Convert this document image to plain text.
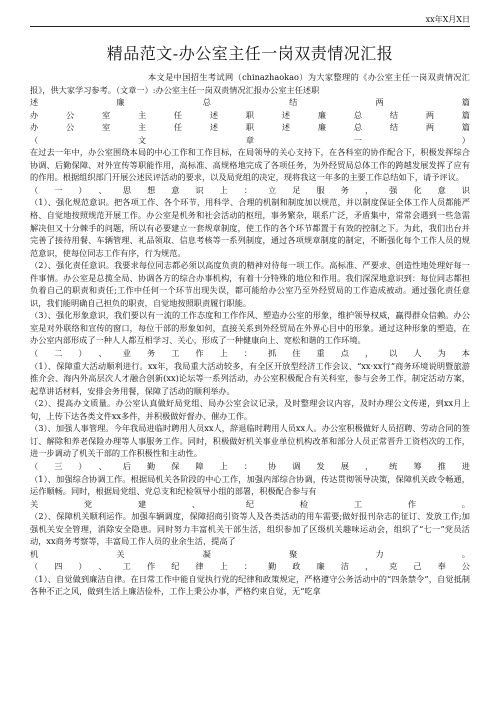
xx年X月X日
精品范文-办公室主任一岗双责情况汇报

本文是中国招生考试网（chinazhaokao）为大家整理的《办公室主任一岗双责情况汇报》，供大家学习参考。（文章一）:办公室主任一岗双责情况汇报办公室主任述职

述廉总结两篇

办公室主任述职述廉总结两篇

办公室主任述职述廉总结两篇

（文章一）

在过去一年中，办公室围绕本局的中心工作和工作目标，在局领导的关心支持下，在各科室的协作配合下，积极发挥综合协调、后勤保障、对外宣传等职能作用，高标准、高规格地完成了各项任务，为外经贸局总体工作的跨越发展发挥了应有的作用。根据组织部门开展公述民评活动的要求，以及局党组的决定，现将我这一年多的主要工作总结如下，请予评议。

（一）、思想意识上：立足服务，强化意识

（1）、强化规范意识。把各项工作、各个环节，用科学、合理的机制和制度加以规范，并以制度保证全体工作人员都能严格、自觉地按照规范开展工作。办公室是机务和社会活动的枢纽，事务繁杂，联系广泛，矛盾集中，常常会遇到一些急需解决但又十分棘手的问题，所以有必要建立一套规章制度，使工作的各个环节都置于有效的控制之下。为此，我们出台并完善了接待用餐、车辆管理、礼品领取、信息考核等一系列制度，通过各项规章制度的制定，不断强化每个工作人员的规范意识，使每位同志工作有序，行为规范。

（2）、强化责任意识。我要求每位同志都必须以高度负责的精神对待每一项工作。高标准、严要求、创造性地处理好每一件事情。办公室是总揽全局、协调各方的综合办事机构，有着十分特殊的地位和作用。我们深深地意识到：每位同志都担负着自己的职责和责任;工作中任何一个环节出现失误，都可能给办公室乃至外经贸局的工作造成被动。通过强化责任意识，我们能明确自己担负的职责，自觉地按照职责履行职能。

（3）、强化形象意识，我们要以有一流的工作态度和工作作风、塑造办公室的形象，维护领导权威，赢得群众信赖。办公室是对外联络和宣传的窗口，每位干部的形象如何，直接关系到外经贸局在外界心目中的形象。通过这种形象的塑造，在办公室内部形成了一种人人都互相学习、关心，形成了一种健康向上、宽松和谐的工作环境。

（二）、业务工作上：抓住重点，以人为本

（1）、保障重大活动顺利进行。xx年，我局重大活动较多，有全区开放型经济工作会议、“xx·xx行”商务环境说明暨旅游推介会、海内外高层次人才融合创新(xx)论坛等一系列活动，办公室积极配合有关科室，参与会务工作，制定活动方案，起草讲话材料，安排会务用餐，保障了活动的顺利举办。

（2）、提高办文质量。办公室认真做好局党组、局办公室会议记录，及时整理会议内容，及时办理公文传递，到xx月上旬，上传下达各类文件xx多件，并积极做好督办、催办工作。

（3）、加强人事管理。今年我局进临时聘用人员xx人，辞退临时聘用人员xx人。办公室积极做好人员招聘、劳动合同的签订、解除和养老保险办理等人事服务工作。同时，积极做好机关事业单位机构改革和部分人员正常晋升工资档次的工作，进一步调动了机关干部的工作积极性和主动性。

（三）、后勤保障上：协调发展，统筹推进

（1）、加强综合协调工作。根据局机关各阶段的中心工作，加强内部综合协调，传达贯彻领导决策，保障机关政令畅通，运作顺畅。同时，根据局党组、党总支和纪检领导小组的部署，积极配合参与有

关党建、纪检工作。

（2）、保障机关顺利运作。加强车辆调度，保障招商引资等人及各类活动的用车需要;做好报刊杂志的征订、发放工作;加强机关安全管理，消除安全隐患。同时努力丰富机关干部生活，组织参加了区级机关趣味运动会，组织了“七一”党员活动，xx商务考察等，丰富局工作人员的业余生活，提高了

机关凝聚力。

（四）、工作纪律上：勤政廉洁，克己奉公

（1）、自觉做到廉洁自律。在日常工作中能自觉执行党的纪律和政策规定，严格遵守公务活动中的“四条禁令”，自觉抵制各种不正之风，做到生活上廉洁俭朴，工作上秉公办事，严格约束自觉，无“吃拿
